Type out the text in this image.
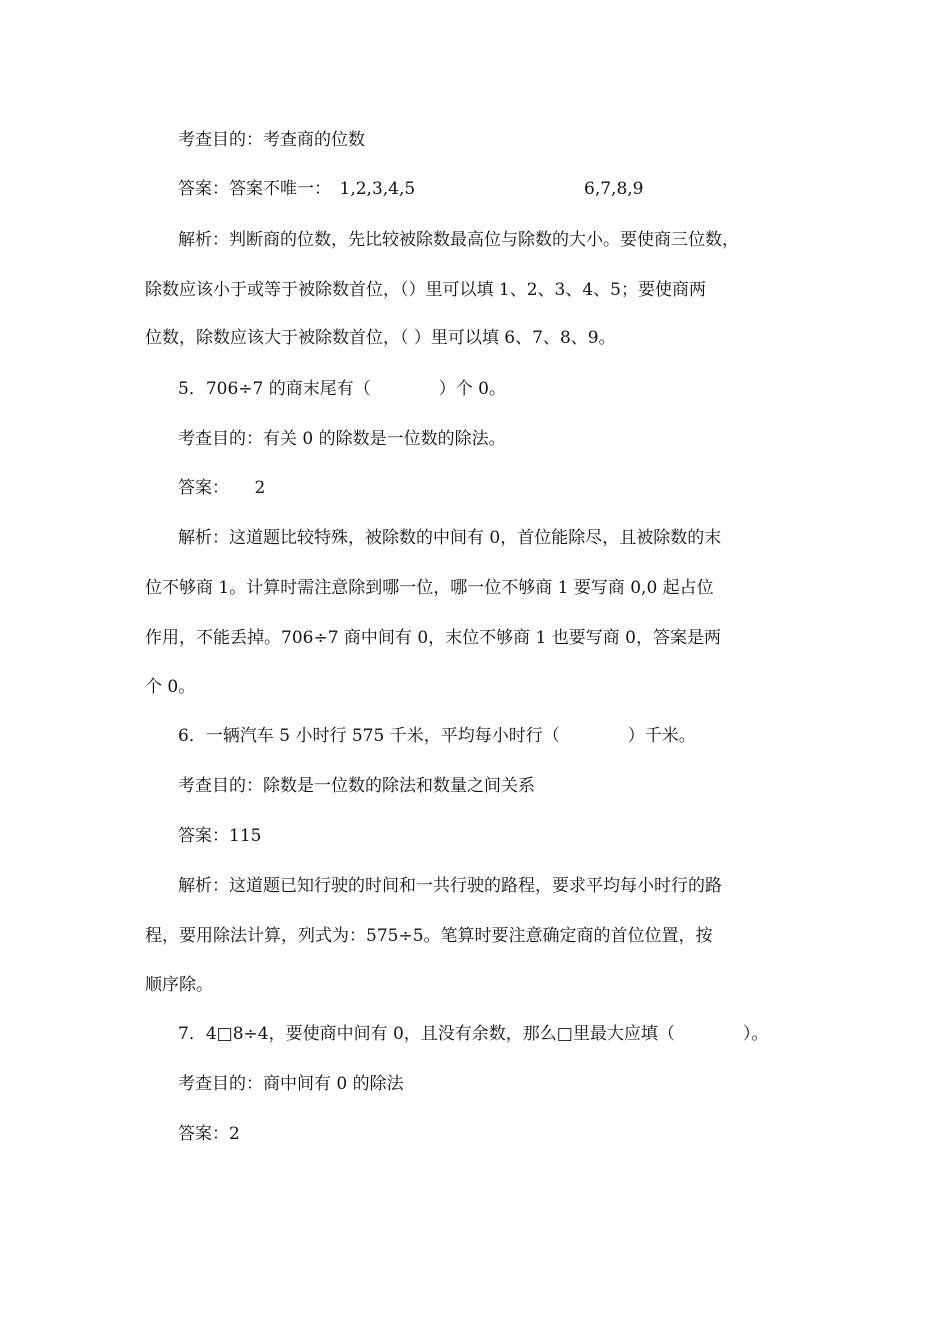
考查目的：考查商的位数

答案：答案不唯一：　1,2,3,4,5	6,7,8,9

解析：判断商的位数，先比较被除数最高位与除数的大小。要使商三位数，

除数应该小于或等于被除数首位，（）里可以填 1、2、3、4、5；要使商两

位数，除数应该大于被除数首位，（ ）里可以填 6、7、8、9。

5．706÷7 的商末尾有（　　　　）个 0。

考查目的：有关 0 的除数是一位数的除法。

答案：　　2

解析：这道题比较特殊，被除数的中间有 0，首位能除尽，且被除数的末

位不够商 1。计算时需注意除到哪一位，哪一位不够商 1 要写商 0,0 起占位

作用，不能丢掉。706÷7 商中间有 0，末位不够商 1 也要写商 0，答案是两

个 0。

6．一辆汽车 5 小时行 575 千米，平均每小时行（　　　　）千米。

考查目的：除数是一位数的除法和数量之间关系

答案：115

解析：这道题已知行驶的时间和一共行驶的路程，要求平均每小时行的路

程，要用除法计算，列式为：575÷5。笔算时要注意确定商的首位位置，按

顺序除。

7．4□8÷4，要使商中间有 0，且没有余数，那么□里最大应填（　　　　）。

考查目的：商中间有 0 的除法

答案：2
